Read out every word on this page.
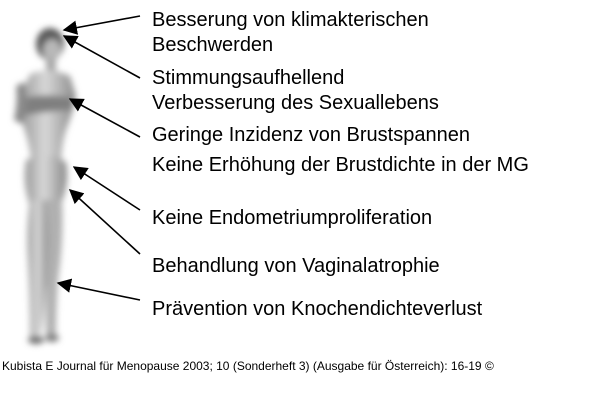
Besserung von klimakterischen
Beschwerden
Stimmungsaufhellend
Verbesserung des Sexuallebens
Geringe Inzidenz von Brustspannen
Keine Erhöhung der Brustdichte in der MG
Keine Endometriumproliferation
Behandlung von Vaginalatrophie
Prävention von Knochendichteverlust
Kubista E Journal für Menopause 2003; 10 (Sonderheft 3) (Ausgabe für Österreich): 16-19 ©
